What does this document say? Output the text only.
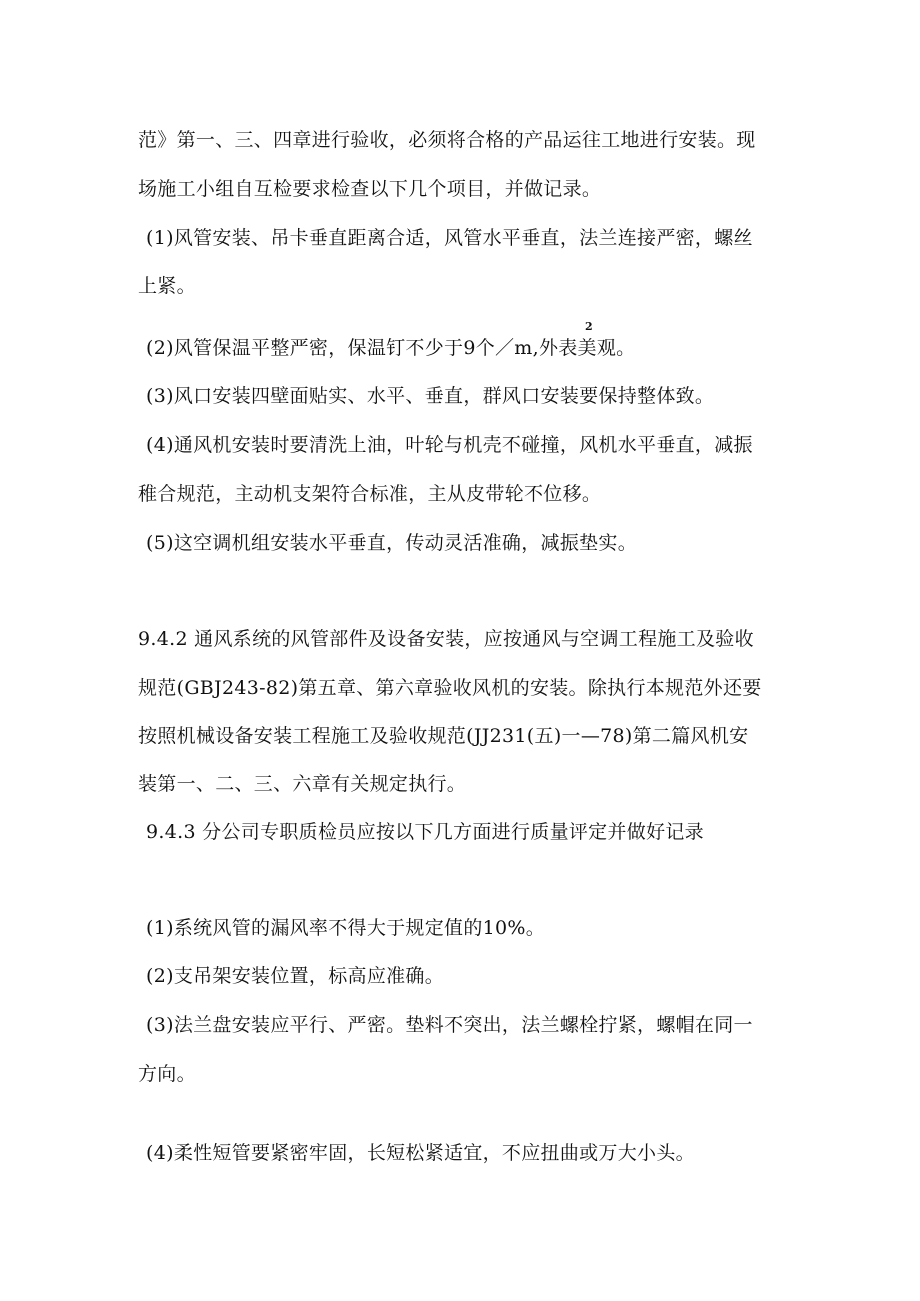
范》第一、三、四章进行验收，必须将合格的产品运往工地进行安装。现
场施工小组自互检要求检查以下几个项目，并做记录。
(1)风管安装、吊卡垂直距离合适，风管水平垂直，法兰连接严密，螺丝
上紧。
2
(2)风管保温平整严密，保温钉不少于9个／m,外表美观。
(3)风口安装四壁面贴实、水平、垂直，群风口安装要保持整体致。
(4)通风机安装时要清洗上油，叶轮与机壳不碰撞，风机水平垂直，减振
稚合规范，主动机支架符合标准，主从皮带轮不位移。
(5)这空调机组安装水平垂直，传动灵活准确，减振垫实。
9.4.2 通风系统的风管部件及设备安装，应按通风与空调工程施工及验收
规范(GBJ243-82)第五章、第六章验收风机的安装。除执行本规范外还要
按照机械设备安装工程施工及验收规范(JJ231(五)一—78)第二篇风机安
装第一、二、三、六章有关规定执行。
9.4.3 分公司专职质检员应按以下几方面进行质量评定并做好记录
(1)系统风管的漏风率不得大于规定值的10%。
(2)支吊架安装位置，标高应准确。
(3)法兰盘安装应平行、严密。垫料不突出，法兰螺栓拧紧，螺帽在同一
方向。
(4)柔性短管要紧密牢固，长短松紧适宜，不应扭曲或万大小头。
